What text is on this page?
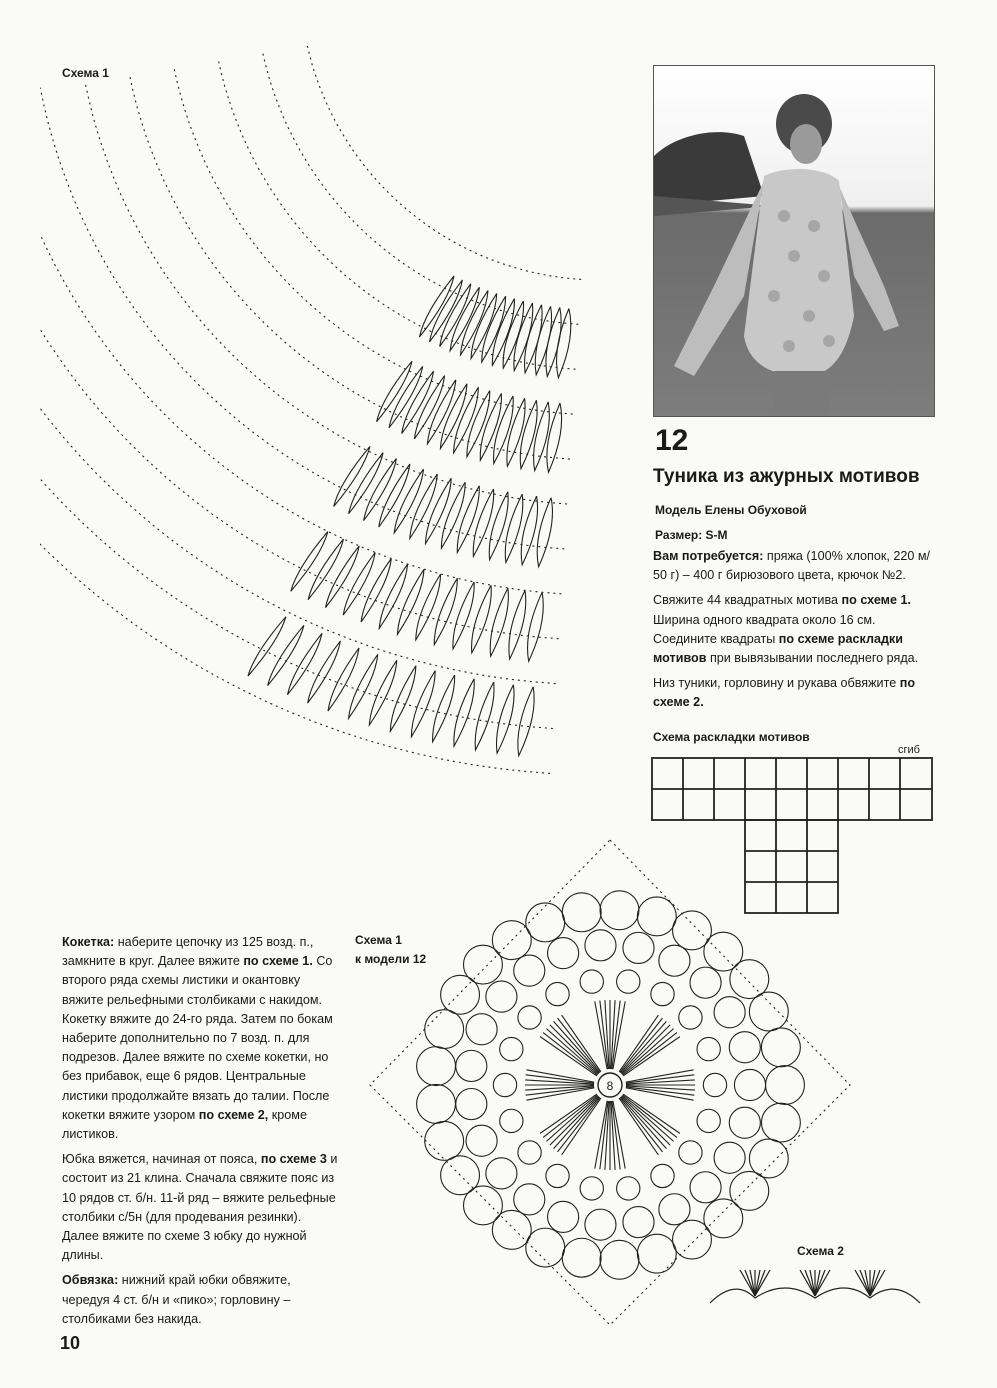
Схема 1
12
Туника из ажурных мотивов
Модель Елены Обуховой
Размер: S-M

Вам потребуется: пряжа (100% хлопок, 220 м/ 50 г) – 400 г бирюзового цвета, крючок №2.

Свяжите 44 квадратных мотива по схеме 1. Ширина одного квадрата около 16 см. Соедините квадраты по схеме раскладки мотивов при вывязывании последнего ряда.

Низ туники, горловину и рукава обвяжите по схеме 2.

Схема раскладки мотивов
сгиб

Кокетка: наберите цепочку из 125 возд. п., замкните в круг. Далее вяжите по схеме 1. Со второго ряда схемы листики и окантовку вяжите рельефными столбиками с накидом. Кокетку вяжите до 24-го ряда. Затем по бокам наберите дополнительно по 7 возд. п. для подрезов. Далее вяжите по схеме кокетки, но без прибавок, еще 6 рядов. Центральные листики продолжайте вязать до талии. После кокетки вяжите узором по схеме 2, кроме листиков.

Юбка вяжется, начиная от пояса, по схеме 3 и состоит из 21 клина. Сначала свяжите пояс из 10 рядов ст. б/н. 11-й ряд – вяжите рельефные столбики с/5н (для продевания резинки). Далее вяжите по схеме 3 юбку до нужной длины.

Обвязка: нижний край юбки обвяжите, чередуя 4 ст. б/н и «пико»; горловину – столбиками без накида.

Схема 1
к модели 12
8
Схема 2
10
